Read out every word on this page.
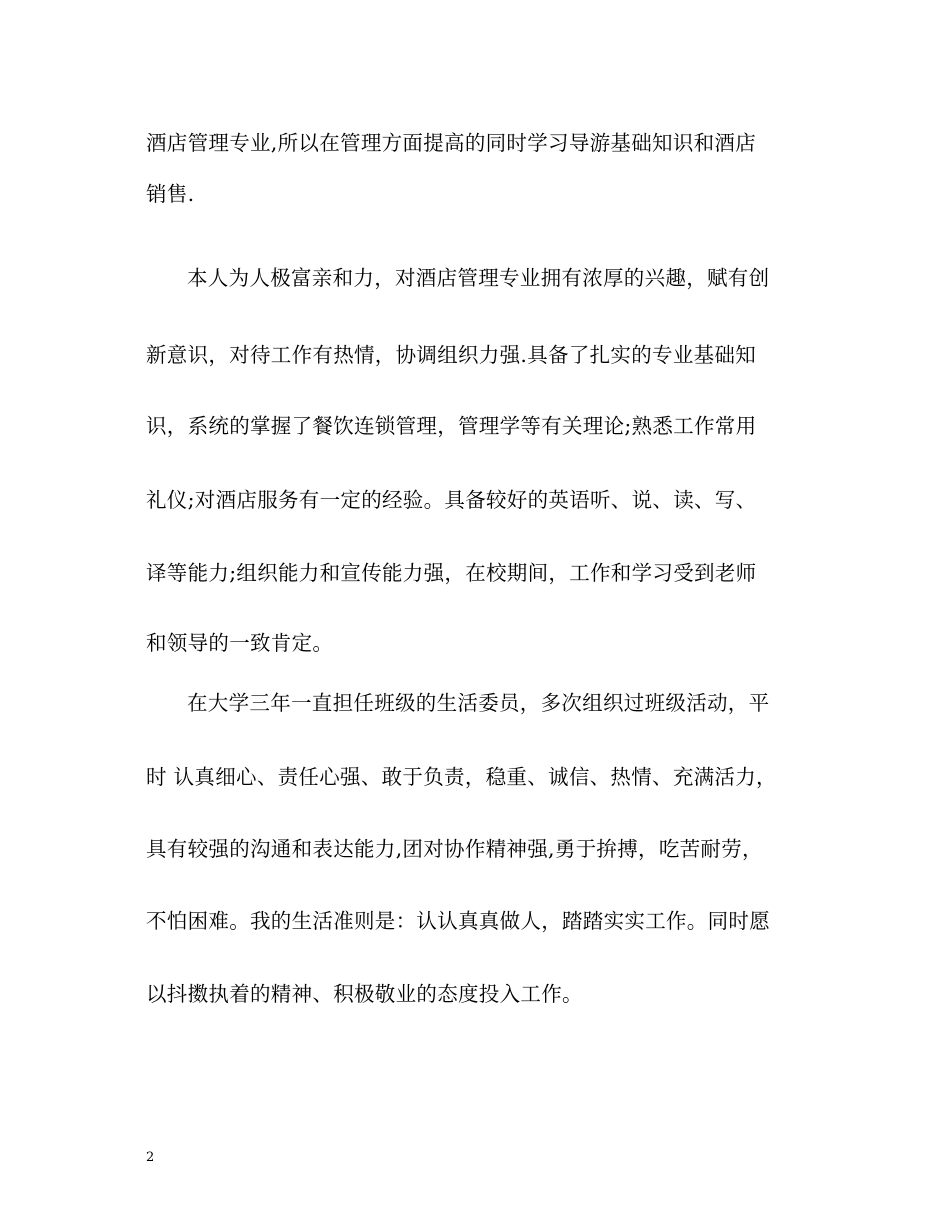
酒店管理专业,所以在管理方面提高的同时学习导游基础知识和酒店
销售.
本人为人极富亲和力，对酒店管理专业拥有浓厚的兴趣，赋有创
新意识，对待工作有热情，协调组织力强.具备了扎实的专业基础知
识，系统的掌握了餐饮连锁管理，管理学等有关理论;熟悉工作常用
礼仪;对酒店服务有一定的经验。具备较好的英语听、说、读、写、
译等能力;组织能力和宣传能力强，在校期间，工作和学习受到老师
和领导的一致肯定。
在大学三年一直担任班级的生活委员，多次组织过班级活动，平
时 认真细心、责任心强、敢于负责，稳重、诚信、热情、充满活力，
具有较强的沟通和表达能力,团对协作精神强,勇于拚搏，吃苦耐劳，
不怕困难。我的生活准则是：认认真真做人，踏踏实实工作。同时愿
以抖擞执着的精神、积极敬业的态度投入工作。
2
